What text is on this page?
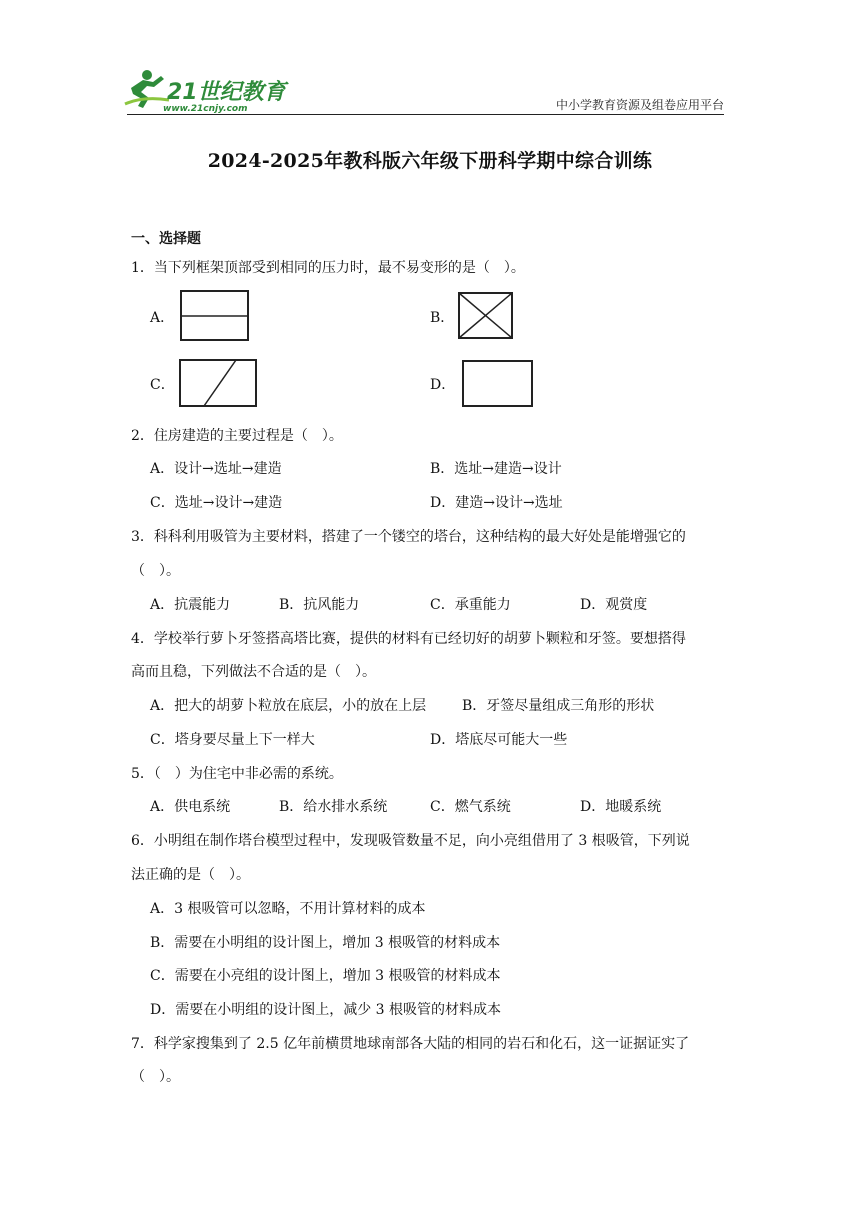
21世纪教育
www.21cnjy.com	中小学教育资源及组卷应用平台
2024-2025年教科版六年级下册科学期中综合训练
一、选择题
1．当下列框架顶部受到相同的压力时，最不易变形的是（　）。
A．	B．
C．	D．
2．住房建造的主要过程是（　）。
A．设计→选址→建造	B．选址→建造→设计
C．选址→设计→建造	D．建造→设计→选址
3．科科利用吸管为主要材料，搭建了一个镂空的塔台，这种结构的最大好处是能增强它的
（　）。
A．抗震能力	B．抗风能力	C．承重能力	D．观赏度
4．学校举行萝卜牙签搭高塔比赛，提供的材料有已经切好的胡萝卜颗粒和牙签。要想搭得
高而且稳，下列做法不合适的是（　）。
A．把大的胡萝卜粒放在底层，小的放在上层	B．牙签尽量组成三角形的形状
C．塔身要尽量上下一样大	D．塔底尽可能大一些
5．（　）为住宅中非必需的系统。
A．供电系统	B．给水排水系统	C．燃气系统	D．地暖系统
6．小明组在制作塔台模型过程中，发现吸管数量不足，向小亮组借用了 3 根吸管，下列说
法正确的是（　）。
A．3 根吸管可以忽略，不用计算材料的成本
B．需要在小明组的设计图上，增加 3 根吸管的材料成本
C．需要在小亮组的设计图上，增加 3 根吸管的材料成本
D．需要在小明组的设计图上，减少 3 根吸管的材料成本
7．科学家搜集到了 2.5 亿年前横贯地球南部各大陆的相同的岩石和化石，这一证据证实了
（　）。
